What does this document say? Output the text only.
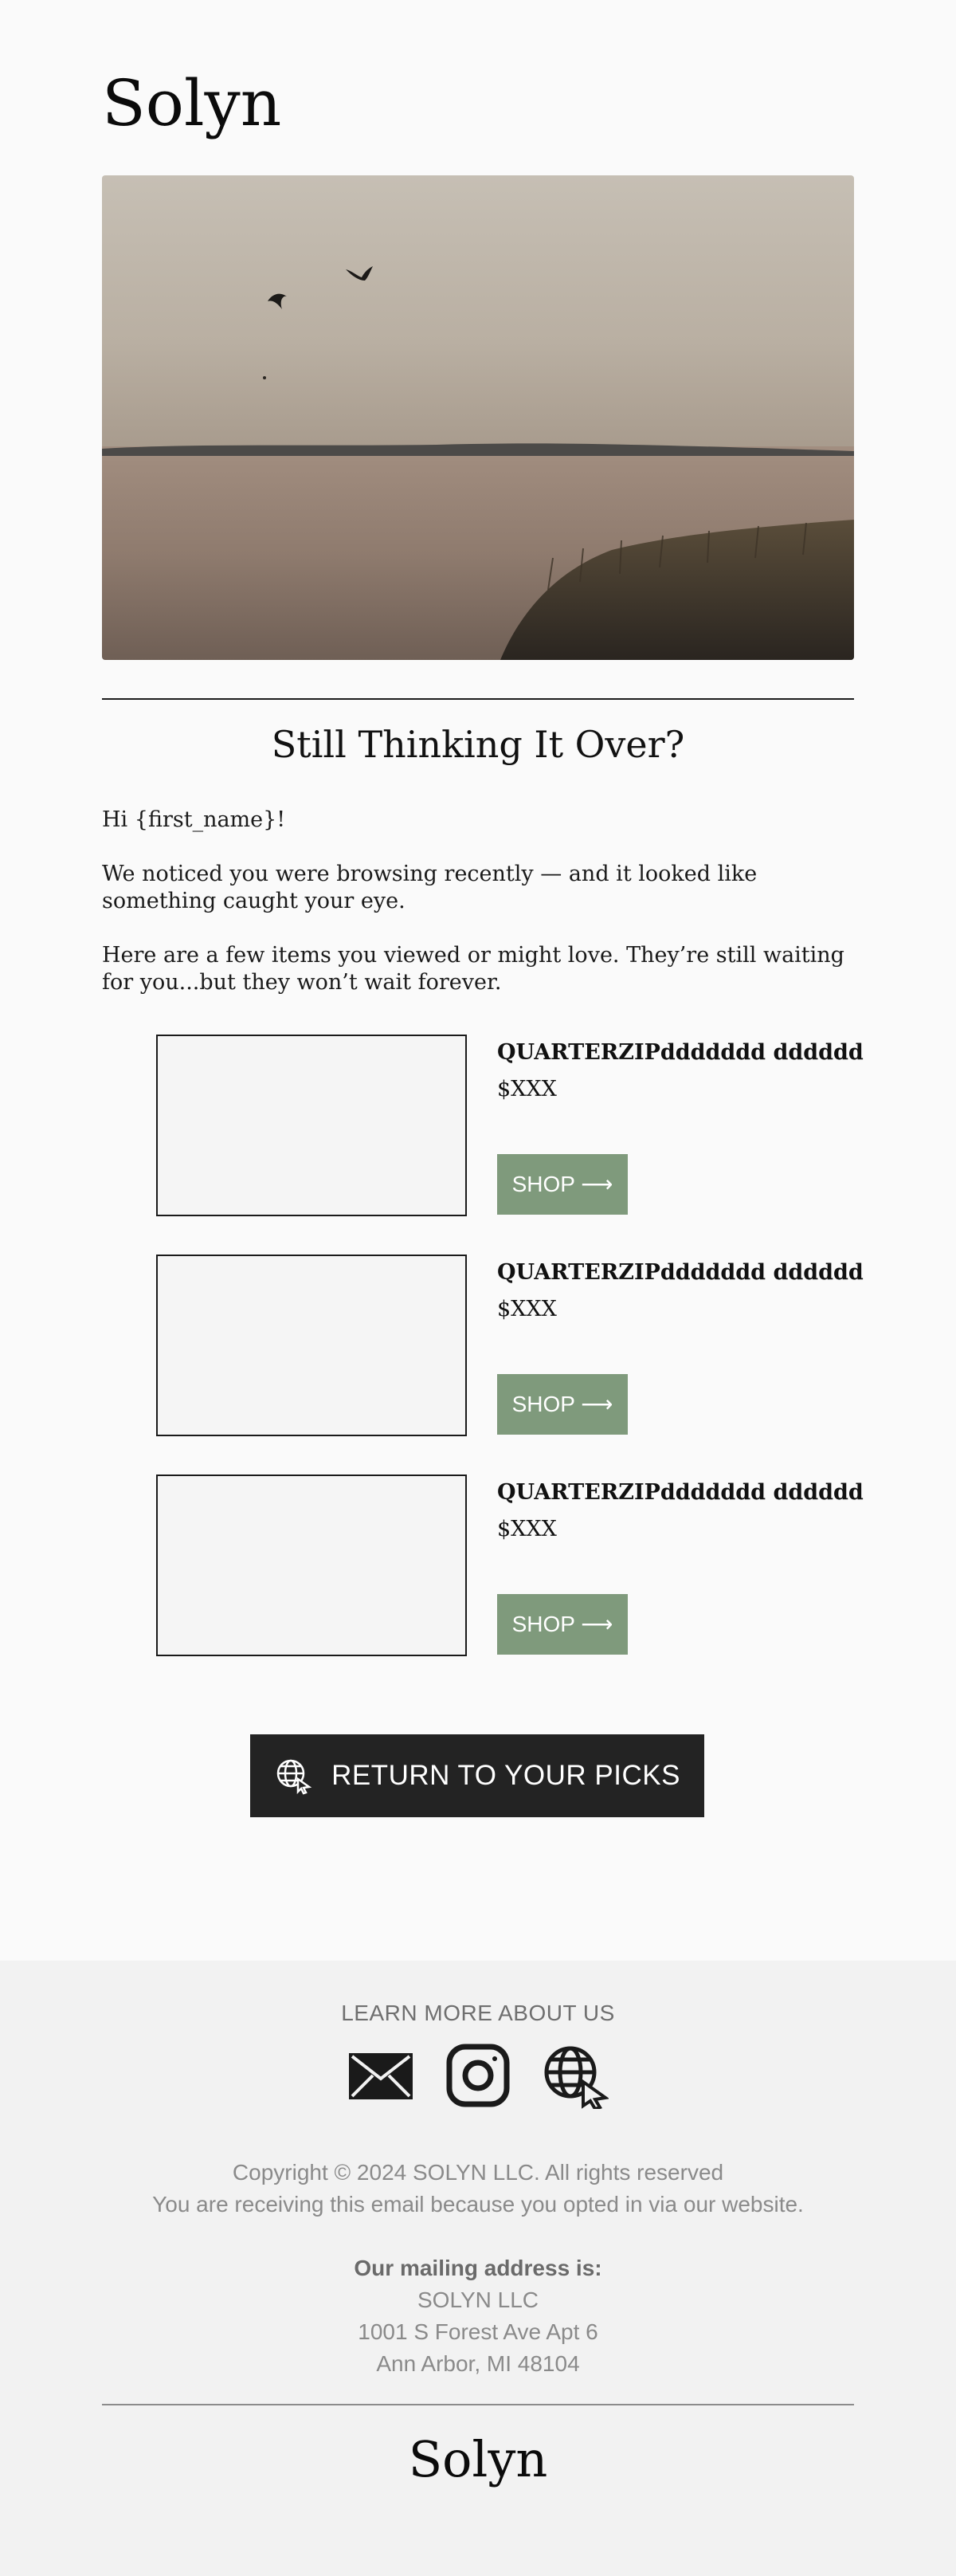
Solyn
Still Thinking It Over?
Hi {first_name}!
We noticed you were browsing recently — and it looked like something caught your eye.
Here are a few items you viewed or might love. They’re still waiting for you...but they won’t wait forever.
QUARTERZIPddddddd dddddd
$XXX
SHOP ⟶
QUARTERZIPddddddd dddddd
$XXX
SHOP ⟶
QUARTERZIPddddddd dddddd
$XXX
SHOP ⟶
RETURN TO YOUR PICKS
LEARN MORE ABOUT US
Copyright © 2024 SOLYN LLC. All rights reserved
You are receiving this email because you opted in via our website.
Our mailing address is:
SOLYN LLC
1001 S Forest Ave Apt 6
Ann Arbor, MI 48104
Solyn
